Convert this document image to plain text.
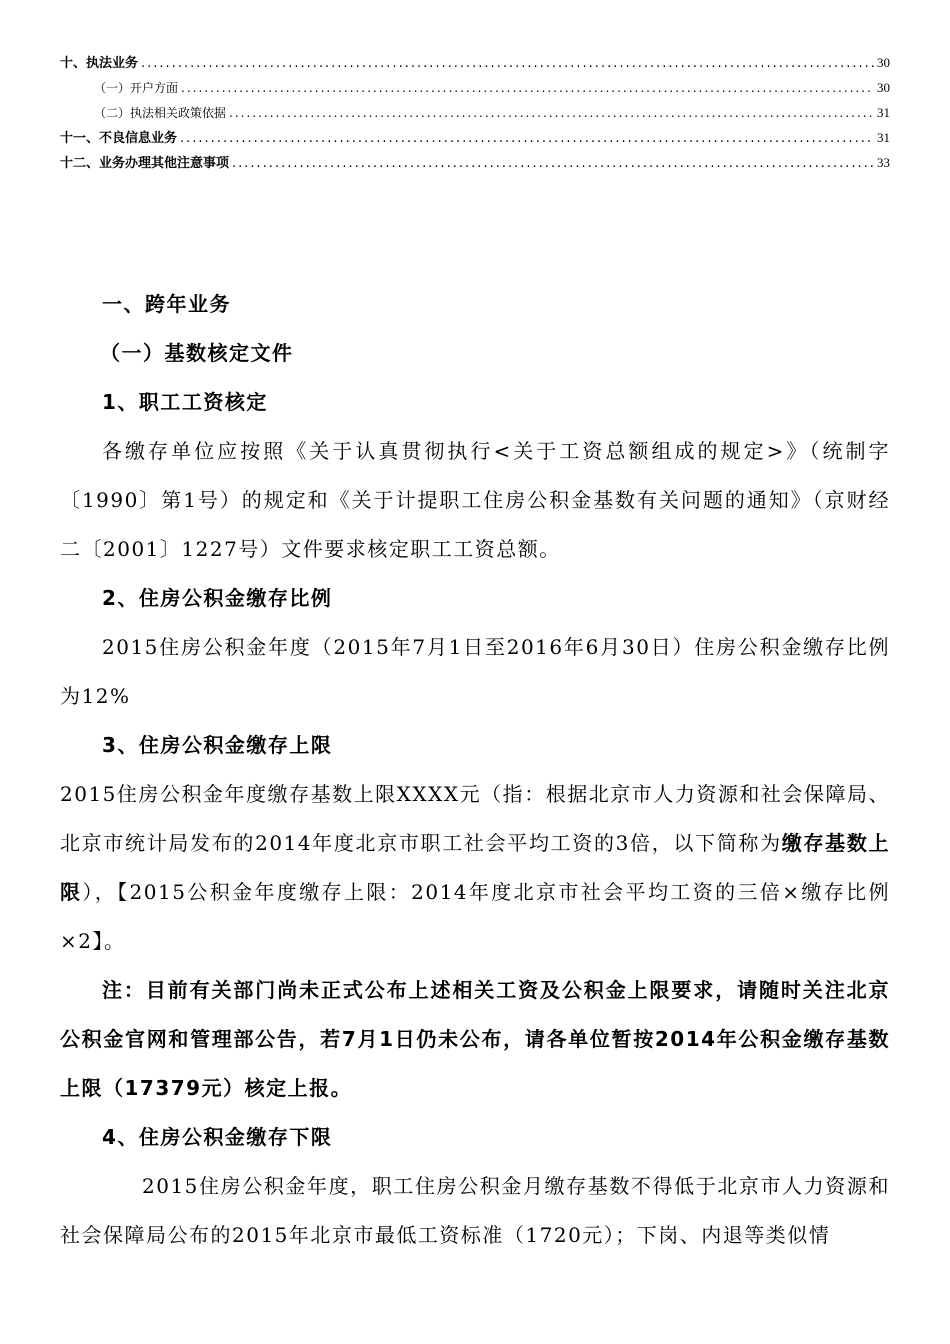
十、执法业务 .....	30
（一）开户方面 .....	30
（二）执法相关政策依据 .....	31
十一、不良信息业务 .....	31
十二、业务办理其他注意事项 .....	33
一、跨年业务
（一）基数核定文件
1、职工工资核定
各缴存单位应按照《关于认真贯彻执行<关于工资总额组成的规定>》（统制字〔1990〕第1号）的规定和《关于计提职工住房公积金基数有关问题的通知》（京财经二〔2001〕1227号）文件要求核定职工工资总额。
2、住房公积金缴存比例
2015住房公积金年度（2015年7月1日至2016年6月30日）住房公积金缴存比例为12%
3、住房公积金缴存上限
2015住房公积金年度缴存基数上限XXXX元（指：根据北京市人力资源和社会保障局、北京市统计局发布的2014年度北京市职工社会平均工资的3倍，以下简称为缴存基数上限），【2015公积金年度缴存上限：2014年度北京市社会平均工资的三倍×缴存比例×2】。
注：目前有关部门尚未正式公布上述相关工资及公积金上限要求，请随时关注北京公积金官网和管理部公告，若7月1日仍未公布，请各单位暂按2014年公积金缴存基数上限（17379元）核定上报。
4、住房公积金缴存下限
2015住房公积金年度，职工住房公积金月缴存基数不得低于北京市人力资源和社会保障局公布的2015年北京市最低工资标准（1720元）；下岗、内退等类似情
